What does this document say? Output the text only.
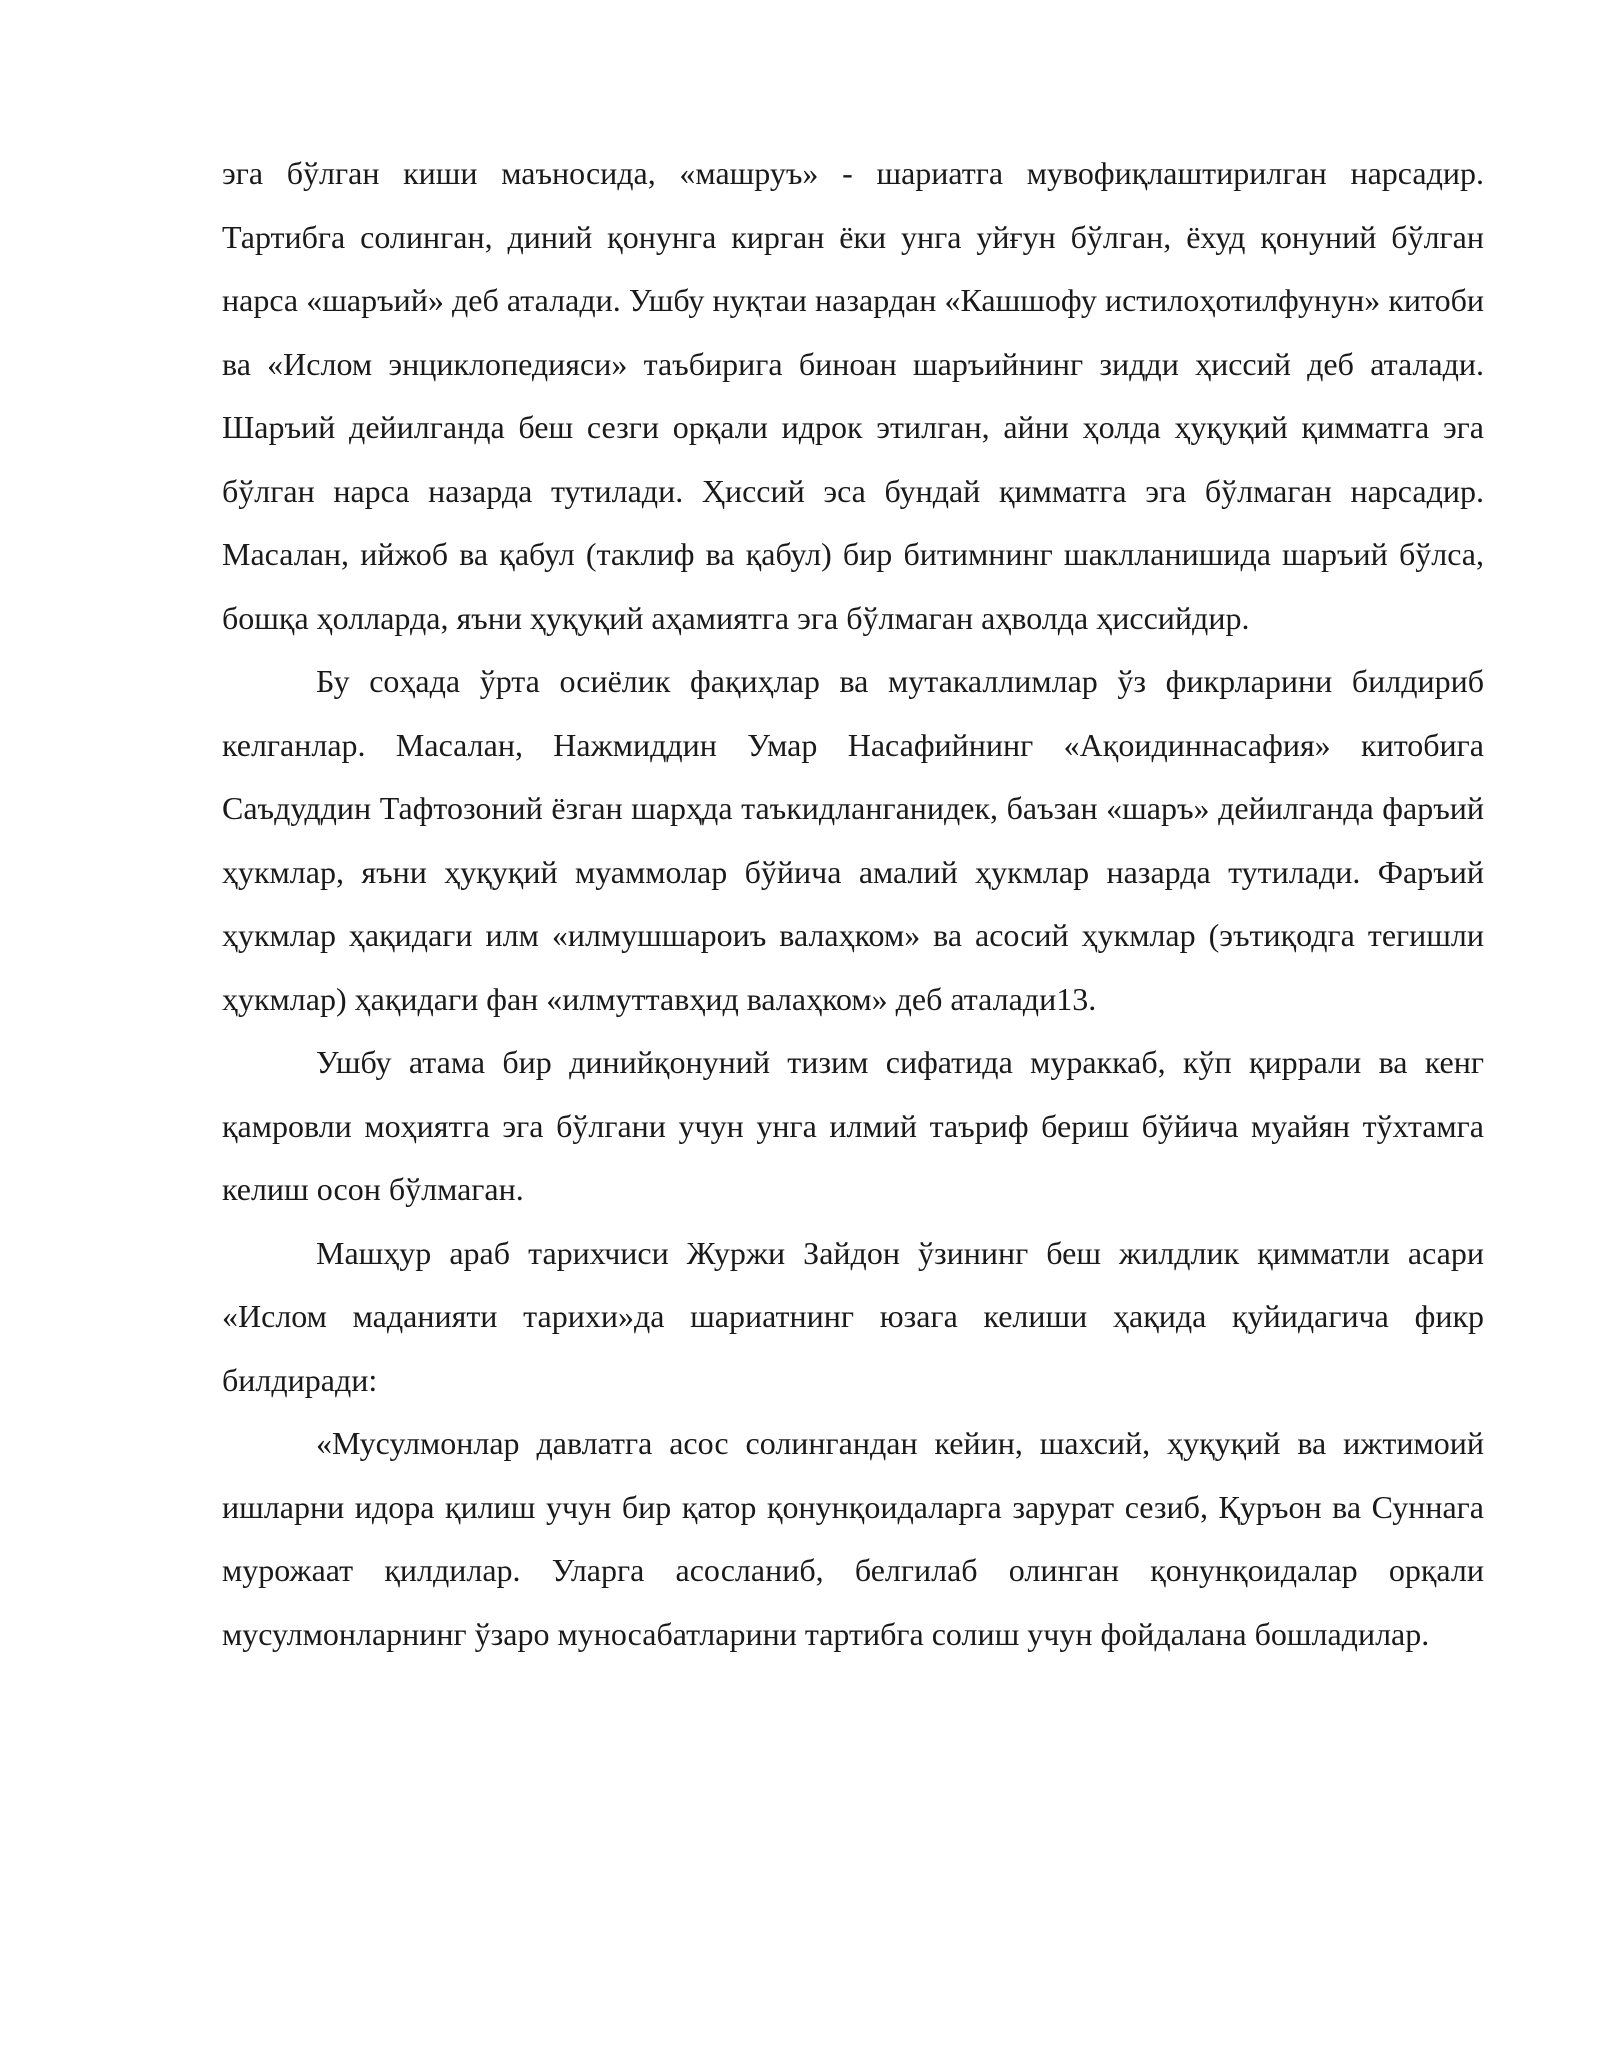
эга бўлган киши маъносида, «машруъ» - шариатга мувофиқлаштирилган нарсадир. Тартибга солинган, диний қонунга кирган ёки унга уйғун бўлган, ёхуд қонуний бўлган нарса «шаръий» деб аталади. Ушбу нуқтаи назардан «Кашшофу истилоҳотилфунун» китоби ва «Ислом энциклопедияси» таъбирига биноан шаръийнинг зидди ҳиссий деб аталади. Шаръий дейилганда беш сезги орқали идрок этилган, айни ҳолда ҳуқуқий қимматга эга бўлган нарса назарда тутилади. Ҳиссий эса бундай қимматга эга бўлмаган нарсадир. Масалан, ийжоб ва қабул (таклиф ва қабул) бир битимнинг шаклланишида шаръий бўлса, бошқа ҳолларда, яъни ҳуқуқий аҳамиятга эга бўлмаган аҳволда ҳиссийдир.

Бу соҳада ўрта осиёлик фақиҳлар ва мутакаллимлар ўз фикрларини билдириб келганлар. Масалан, Нажмиддин Умар Насафийнинг «Ақоидиннасафия» китобига Саъдуддин Тафтозоний ёзган шарҳда таъкидланганидек, баъзан «шаръ» дейилганда фаръий ҳукмлар, яъни ҳуқуқий муаммолар бўйича амалий ҳукмлар назарда тутилади. Фаръий ҳукмлар ҳақидаги илм «илмушшароиъ валаҳком» ва асосий ҳукмлар (эътиқодга тегишли ҳукмлар) ҳақидаги фан «илмуттавҳид валаҳком» деб аталади13.

Ушбу атама бир динийқонуний тизим сифатида мураккаб, кўп қиррали ва кенг қамровли моҳиятга эга бўлгани учун унга илмий таъриф бериш бўйича муайян тўхтамга келиш осон бўлмаган.

Машҳур араб тарихчиси Журжи Зайдон ўзининг беш жилдлик қимматли асари «Ислом маданияти тарихи»да шариатнинг юзага келиши ҳақида қуйидагича фикр билдиради:

«Мусулмонлар давлатга асос солингандан кейин, шахсий, ҳуқуқий ва ижтимоий ишларни идора қилиш учун бир қатор қонунқоидаларга зарурат сезиб, Қуръон ва Суннага мурожаат қилдилар. Уларга асосланиб, белгилаб олинган қонунқоидалар орқали мусулмонларнинг ўзаро муносабатларини тартибга солиш учун фойдалана бошладилар.
